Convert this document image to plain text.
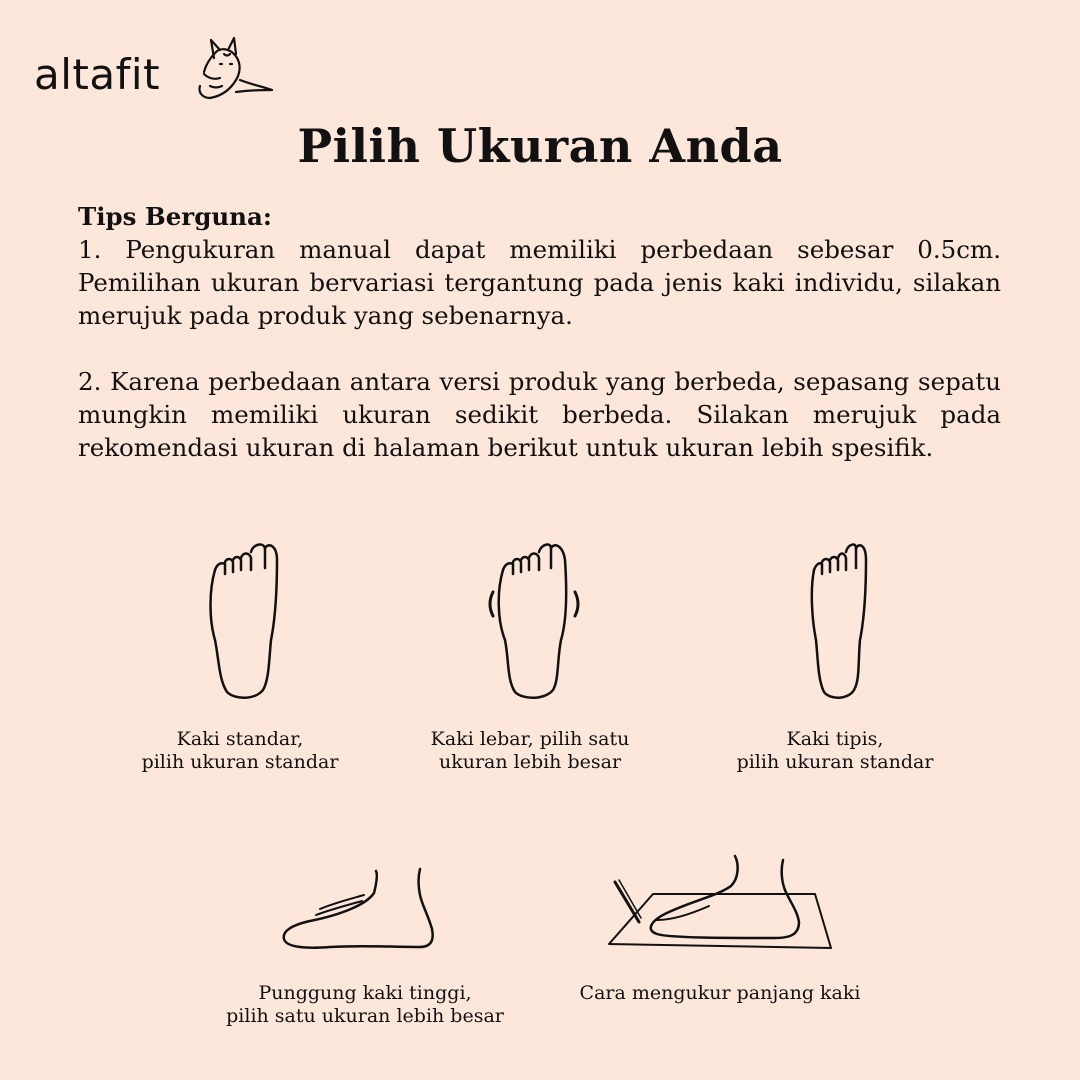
altafit
Pilih Ukuran Anda
Tips Berguna:
1. Pengukuran manual dapat memiliki perbedaan sebesar 0.5cm. Pemilihan ukuran bervariasi tergantung pada jenis kaki individu, silakan merujuk pada produk yang sebenarnya.
2. Karena perbedaan antara versi produk yang berbeda, sepasang sepatu mungkin memiliki ukuran sedikit berbeda. Silakan merujuk pada rekomendasi ukuran di halaman berikut untuk ukuran lebih spesifik.
Kaki standar,
pilih ukuran standar
Kaki lebar, pilih satu
ukuran lebih besar
Kaki tipis,
pilih ukuran standar
Punggung kaki tinggi,
pilih satu ukuran lebih besar
Cara mengukur panjang kaki
